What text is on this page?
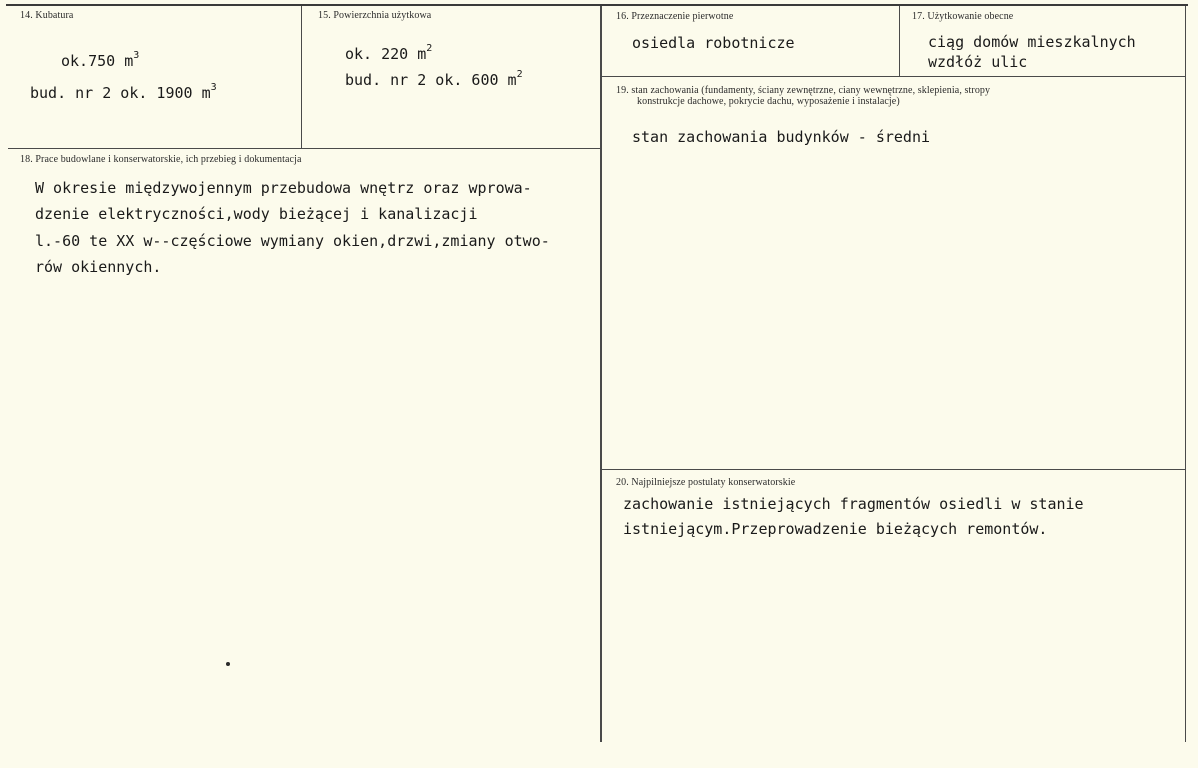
14. Kubatura
ok.750 $m^3$
bud. nr 2 ok. 1900 $m^3$
15. Powierzchnia użytkowa
ok. 220 $m^2$
bud. nr 2 ok. 600 $m^2$
16. Przeznaczenie pierwotne
osiedla robotnicze
17. Użytkowanie obecne
ciąg domów mieszkalnych
wzdłóż ulic
18. Prace budowlane i konserwatorskie, ich przebieg i dokumentacja
W okresie międzywojennym przebudowa wnętrz oraz wprowa-
dzenie elektryczności,wody bieżącej i kanalizacji
l.-60 te XX w--częściowe wymiany okien,drzwi,zmiany otwo-
rów okiennych.
19. stan zachowania (fundamenty, ściany zewnętrzne, ciany wewnętrzne, sklepienia, stropy
konstrukcje dachowe, pokrycie dachu, wyposażenie i instalacje)
stan zachowania budynków - średni
20. Najpilniejsze postulaty konserwatorskie
zachowanie istniejących fragmentów osiedli w stanie
istniejącym.Przeprowadzenie bieżących remontów.
